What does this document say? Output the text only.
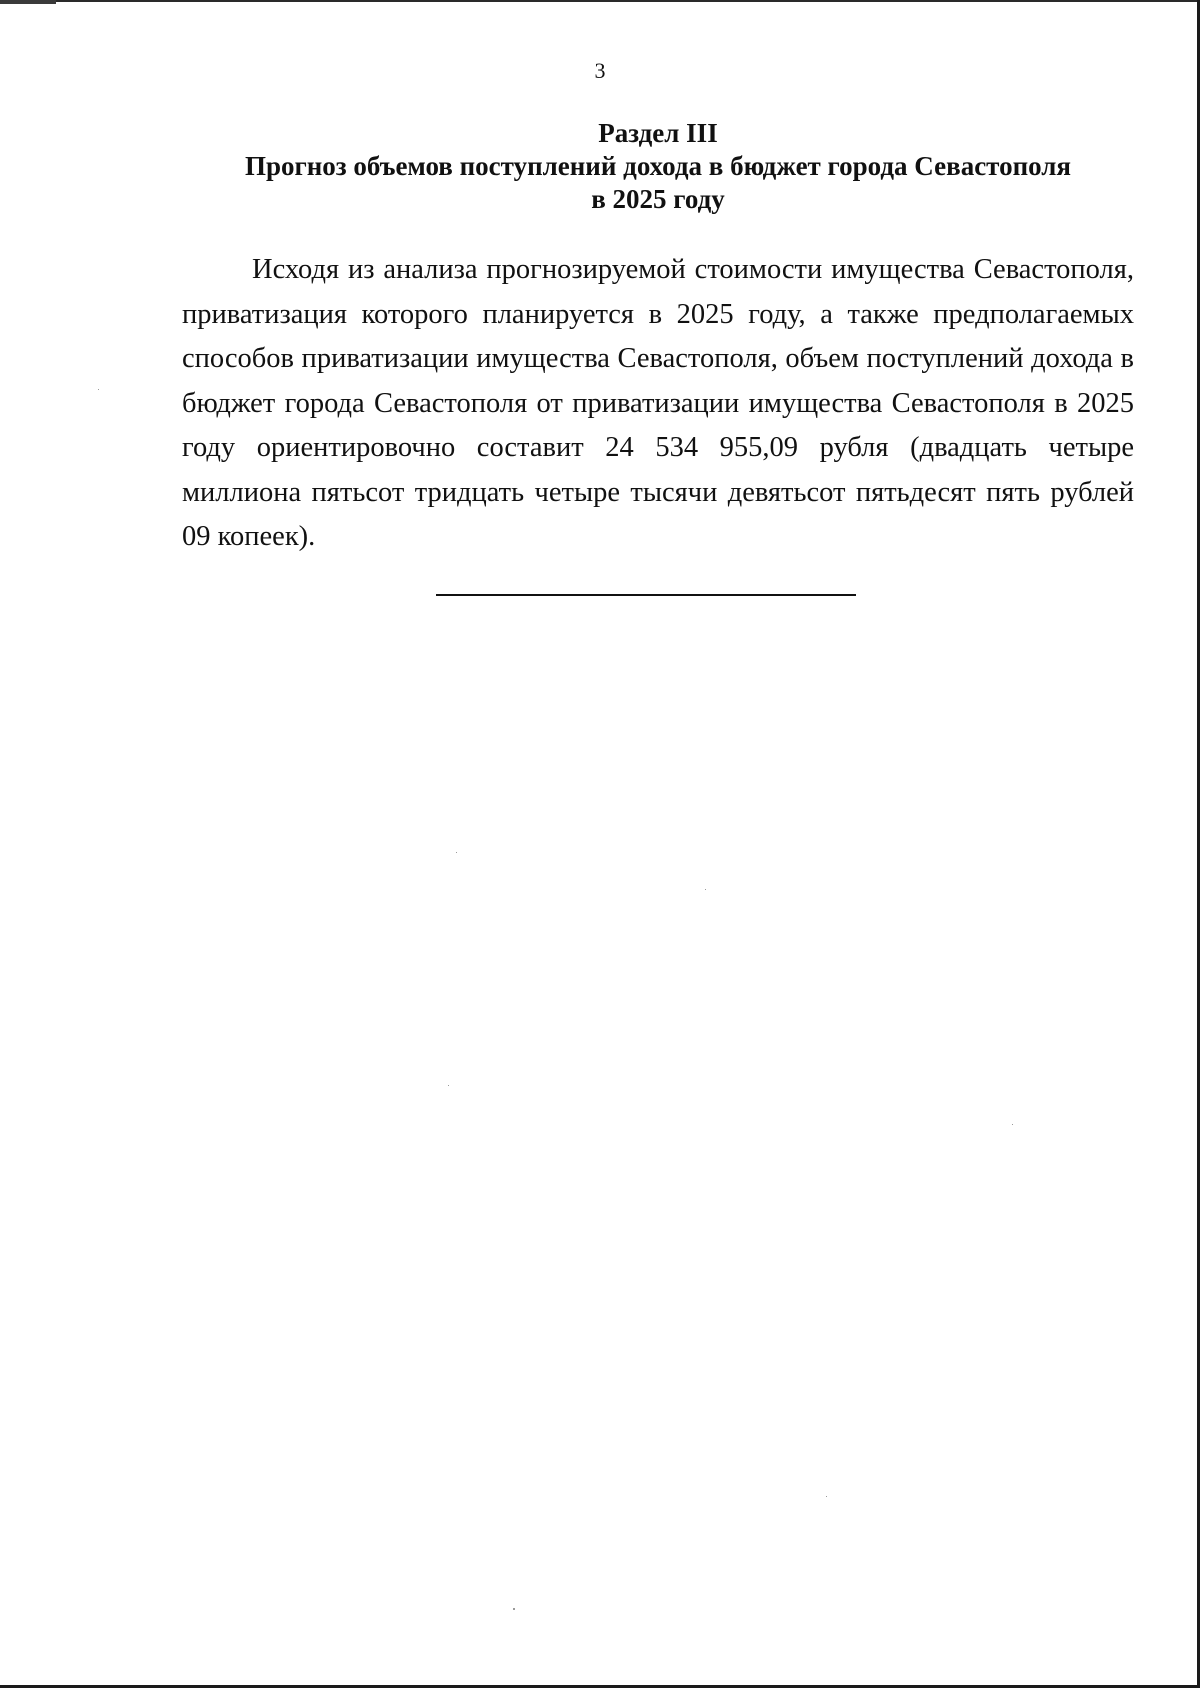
3
Раздел III
Прогноз объемов поступлений дохода в бюджет города Севастополя
в 2025 году

Исходя из анализа прогнозируемой стоимости имущества Севастополя, приватизация которого планируется в 2025 году, а также предполагаемых способов приватизации имущества Севастополя, объем поступлений дохода в бюджет города Севастополя от приватизации имущества Севастополя в 2025 году ориентировочно составит 24 534 955,09 рубля (двадцать четыре миллиона пятьсот тридцать четыре тысячи девятьсот пятьдесят пять рублей 09 копеек).
